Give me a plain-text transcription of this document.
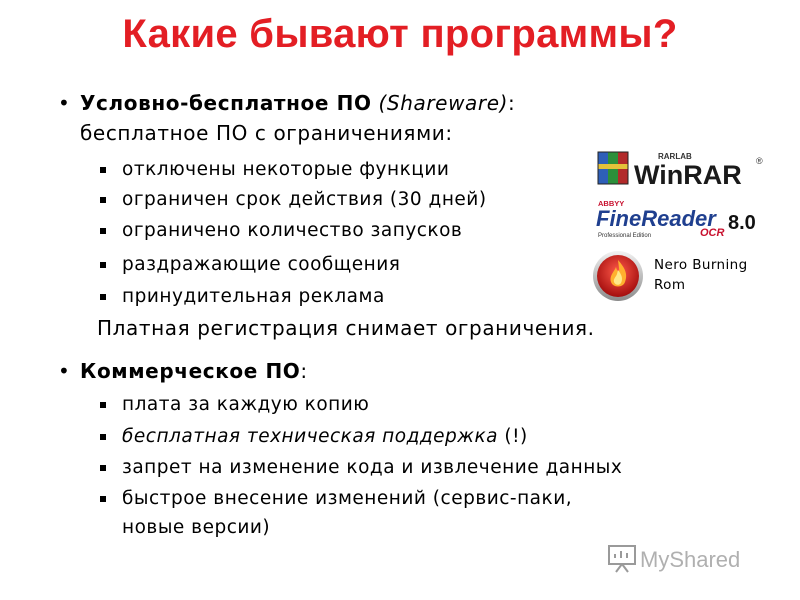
Какие бывают программы?
• Условно-бесплатное ПО (Shareware):
бесплатное ПО с ограничениями:
отключены некоторые функции
ограничен срок действия (30 дней)
ограничено количество запусков
раздражающие сообщения
принудительная реклама
Платная регистрация снимает ограничения.
• Коммерческое ПО:
плата за каждую копию
бесплатная техническая поддержка (!)
запрет на изменение кода и извлечение данных
быстрое внесение изменений (сервис-паки,
новые версии)
RARLAB
WinRAR ®
ABBYY
FineReader
OCR 8.0
Professional Edition
Nero Burning
Rom
MyShared
